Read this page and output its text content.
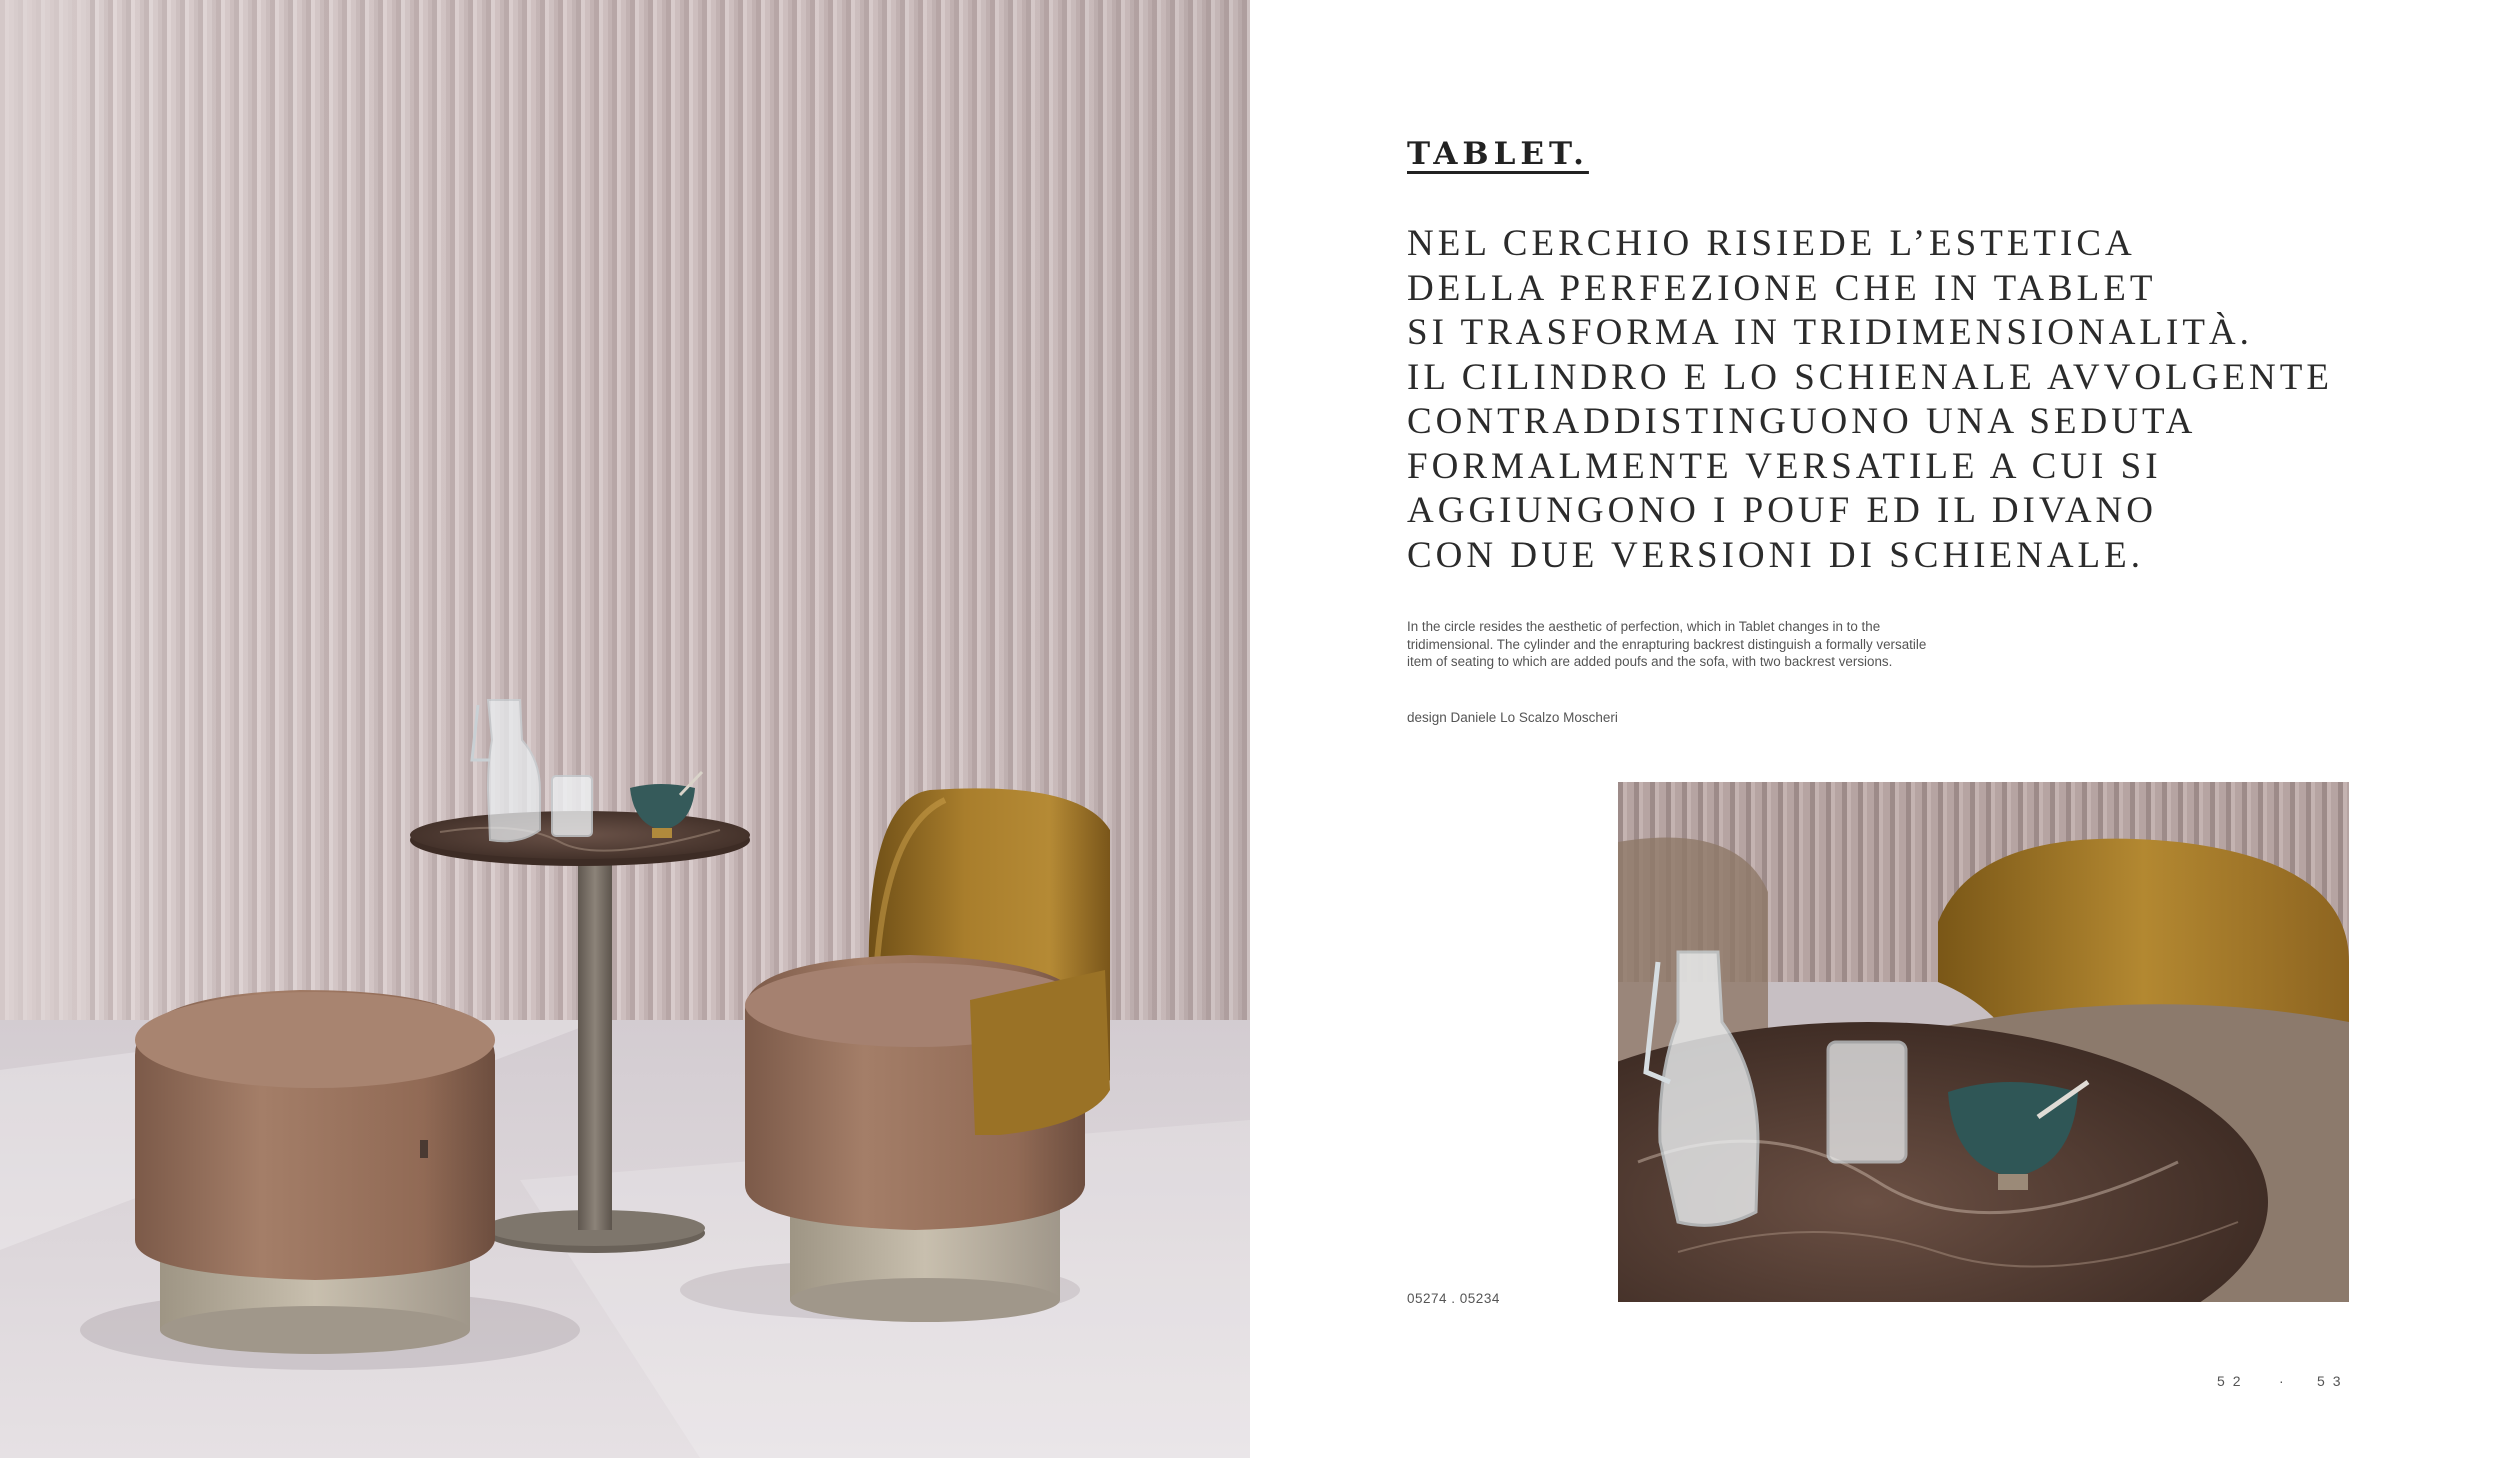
TABLET.
NEL CERCHIO RISIEDE L’ESTETICA
DELLA PERFEZIONE CHE IN TABLET
SI TRASFORMA IN TRIDIMENSIONALITÀ.
IL CILINDRO E LO SCHIENALE AVVOLGENTE
CONTRADDISTINGUONO UNA SEDUTA
FORMALMENTE VERSATILE A CUI SI
AGGIUNGONO I POUF ED IL DIVANO
CON DUE VERSIONI DI SCHIENALE.

In the circle resides the aesthetic of perfection, which in Tablet changes in to the
tridimensional. The cylinder and the enrapturing backrest distinguish a formally versatile
item of seating to which are added poufs and the sofa, with two backrest versions.

design Daniele Lo Scalzo Moscheri

05274 . 05234

52 · 53
